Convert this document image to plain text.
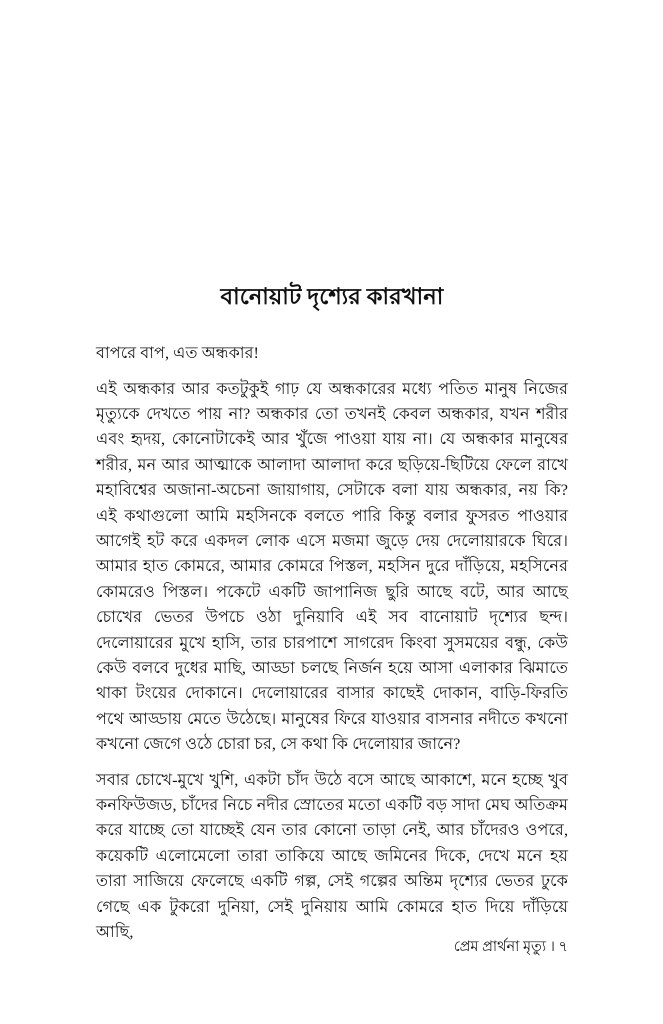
বানোয়াট দৃশ্যের কারখানা

বাপরে বাপ, এত অন্ধকার!

এই অন্ধকার আর কতটুকুই গাঢ় যে অন্ধকারের মধ্যে পতিত মানুষ নিজের মৃত্যুকে দেখতে পায় না? অন্ধকার তো তখনই কেবল অন্ধকার, যখন শরীর এবং হৃদয়, কোনোটাকেই আর খুঁজে পাওয়া যায় না। যে অন্ধকার মানুষের শরীর, মন আর আত্মাকে আলাদা আলাদা করে ছড়িয়ে-ছিটিয়ে ফেলে রাখে মহাবিশ্বের অজানা-অচেনা জায়াগায়, সেটাকে বলা যায় অন্ধকার, নয় কি? এই কথাগুলো আমি মহসিনকে বলতে পারি কিন্তু বলার ফুসরত পাওয়ার আগেই হট করে একদল লোক এসে মজমা জুড়ে দেয় দেলোয়ারকে ঘিরে। আমার হাত কোমরে, আমার কোমরে পিস্তল, মহসিন দুরে দাঁড়িয়ে, মহসিনের কোমরেও পিস্তল। পকেটে একটি জাপানিজ ছুরি আছে বটে, আর আছে চোখের ভেতর উপচে ওঠা দুনিয়াবি এই সব বানোয়াট দৃশ্যের ছন্দ। দেলোয়ারের মুখে হাসি, তার চারপাশে সাগরেদ কিংবা সুসময়ের বন্ধু, কেউ কেউ বলবে দুধের মাছি, আড্ডা চলছে নির্জন হয়ে আসা এলাকার ঝিমাতে থাকা টংয়ের দোকানে। দেলোয়ারের বাসার কাছেই দোকান, বাড়ি-ফিরতি পথে আড্ডায় মেতে উঠেছে। মানুষের ফিরে যাওয়ার বাসনার নদীতে কখনো কখনো জেগে ওঠে চোরা চর, সে কথা কি দেলোয়ার জানে?

সবার চোখে-মুখে খুশি, একটা চাঁদ উঠে বসে আছে আকাশে, মনে হচ্ছে খুব কনফিউজড, চাঁদের নিচে নদীর স্রোতের মতো একটি বড় সাদা মেঘ অতিক্রম করে যাচ্ছে তো যাচ্ছেই যেন তার কোনো তাড়া নেই, আর চাঁদেরও ওপরে, কয়েকটি এলোমেলো তারা তাকিয়ে আছে জমিনের দিকে, দেখে মনে হয় তারা সাজিয়ে ফেলেছে একটি গল্প, সেই গল্পের অন্তিম দৃশ্যের ভেতর ঢুকে গেছে এক টুকরো দুনিয়া, সেই দুনিয়ায় আমি কোমরে হাত দিয়ে দাঁড়িয়ে আছি,

প্রেম প্রার্থনা মৃত্যু । ৭
